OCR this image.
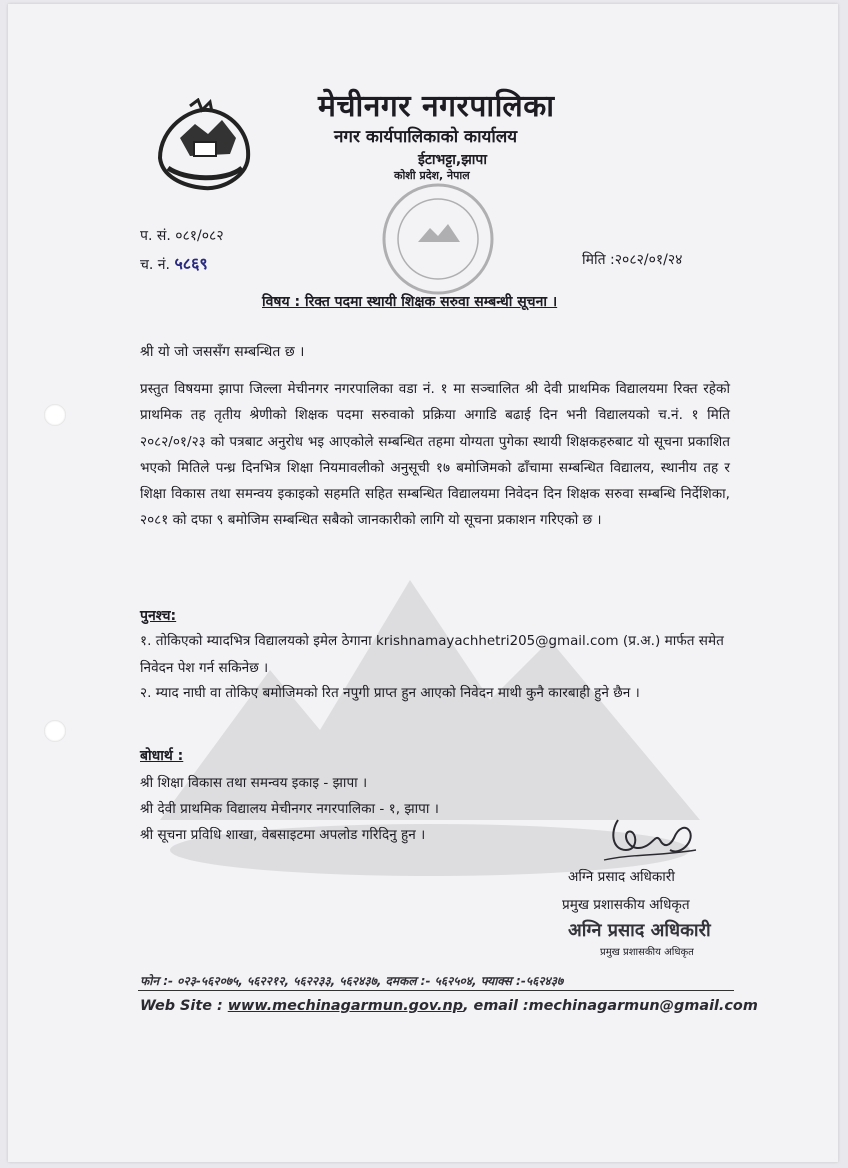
मेचीनगर नगरपालिका
नगर कार्यपालिकाको कार्यालय
ईटाभट्टा,झापा
कोशी प्रदेश, नेपाल
प. सं. ०८१/०८२
च. नं. ५८६९	मिति :२०८२/०१/२४
विषय : रिक्त पदमा स्थायी शिक्षक सरुवा सम्बन्धी सूचना ।
श्री यो जो जससँग सम्बन्धित छ ।
प्रस्तुत विषयमा झापा जिल्ला मेचीनगर नगरपालिका वडा नं. १ मा सञ्चालित श्री देवी प्राथमिक विद्यालयमा रिक्त रहेको प्राथमिक तह तृतीय श्रेणीको शिक्षक पदमा सरुवाको प्रक्रिया अगाडि बढाई दिन भनी विद्यालयको च.नं. १ मिति २०८२/०१/२३ को पत्रबाट अनुरोध भइ आएकोले सम्बन्धित तहमा योग्यता पुगेका स्थायी शिक्षकहरुबाट यो सूचना प्रकाशित भएको मितिले पन्ध्र दिनभित्र शिक्षा नियमावलीको अनुसूची १७ बमोजिमको ढाँचामा सम्बन्धित विद्यालय, स्थानीय तह र शिक्षा विकास तथा समन्वय इकाइको सहमति सहित सम्बन्धित विद्यालयमा निवेदन दिन शिक्षक सरुवा सम्बन्धि निर्देशिका, २०८१ को दफा ९ बमोजिम सम्बन्धित सबैको जानकारीको लागि यो सूचना प्रकाशन गरिएको छ ।
पुनश्च:
१. तोकिएको म्यादभित्र विद्यालयको इमेल ठेगाना krishnamayachhetri205@gmail.com (प्र.अ.) मार्फत समेत निवेदन पेश गर्न सकिनेछ ।
२. म्याद नाघी वा तोकिए बमोजिमको रित नपुगी प्राप्त हुन आएको निवेदन माथी कुनै कारबाही हुने छैन ।
बोधार्थ :
श्री शिक्षा विकास तथा समन्वय इकाइ - झापा ।
श्री देवी प्राथमिक विद्यालय मेचीनगर नगरपालिका - १, झापा ।
श्री सूचना प्रविधि शाखा, वेबसाइटमा अपलोड गरिदिनु हुन ।
अग्नि प्रसाद अधिकारी
प्रमुख प्रशासकीय अधिकृत
अग्नि प्रसाद अधिकारी
प्रमुख प्रशासकीय अधिकृत
फोन :- ०२३-५६२०७५, ५६२२१२, ५६२२३३, ५६२४३७, दमकल :- ५६२५०४, फ्याक्स :-५६२४३७
Web Site : www.mechinagarmun.gov.np, email :mechinagarmun@gmail.com
